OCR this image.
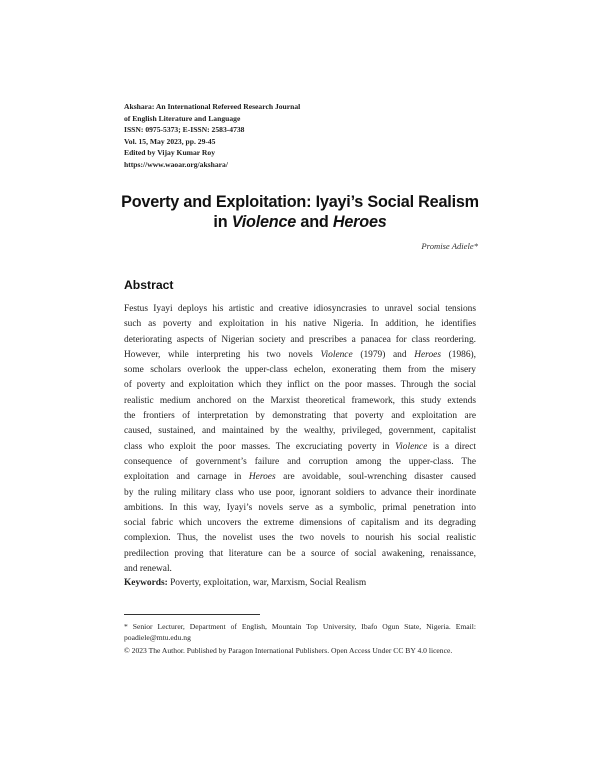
Akshara: An International Refereed Research Journal
of English Literature and Language
ISSN: 0975-5373; E-ISSN: 2583-4738
Vol. 15, May 2023, pp. 29-45
Edited by Vijay Kumar Roy
https://www.waoar.org/akshara/
Poverty and Exploitation: Iyayi’s Social Realism
in Violence and Heroes
Promise Adiele*
Abstract
Festus Iyayi deploys his artistic and creative idiosyncrasies to unravel social tensions
such as poverty and exploitation in his native Nigeria. In addition, he identifies
deteriorating aspects of Nigerian society and prescribes a panacea for class reordering.
However, while interpreting his two novels Violence (1979) and Heroes (1986),
some scholars overlook the upper-class echelon, exonerating them from the misery
of poverty and exploitation which they inflict on the poor masses. Through the social
realistic medium anchored on the Marxist theoretical framework, this study extends
the frontiers of interpretation by demonstrating that poverty and exploitation are
caused, sustained, and maintained by the wealthy, privileged, government, capitalist
class who exploit the poor masses. The excruciating poverty in Violence is a direct
consequence of government’s failure and corruption among the upper-class. The
exploitation and carnage in Heroes are avoidable, soul-wrenching disaster caused
by the ruling military class who use poor, ignorant soldiers to advance their inordinate
ambitions. In this way, Iyayi’s novels serve as a symbolic, primal penetration into
social fabric which uncovers the extreme dimensions of capitalism and its degrading
complexion. Thus, the novelist uses the two novels to nourish his social realistic
predilection proving that literature can be a source of social awakening, renaissance,
and renewal.
Keywords: Poverty, exploitation, war, Marxism, Social Realism
* Senior Lecturer, Department of English, Mountain Top University, Ibafo Ogun State, Nigeria. Email: poadiele@mtu.edu.ng
© 2023 The Author. Published by Paragon International Publishers. Open Access Under CC BY 4.0 licence.
